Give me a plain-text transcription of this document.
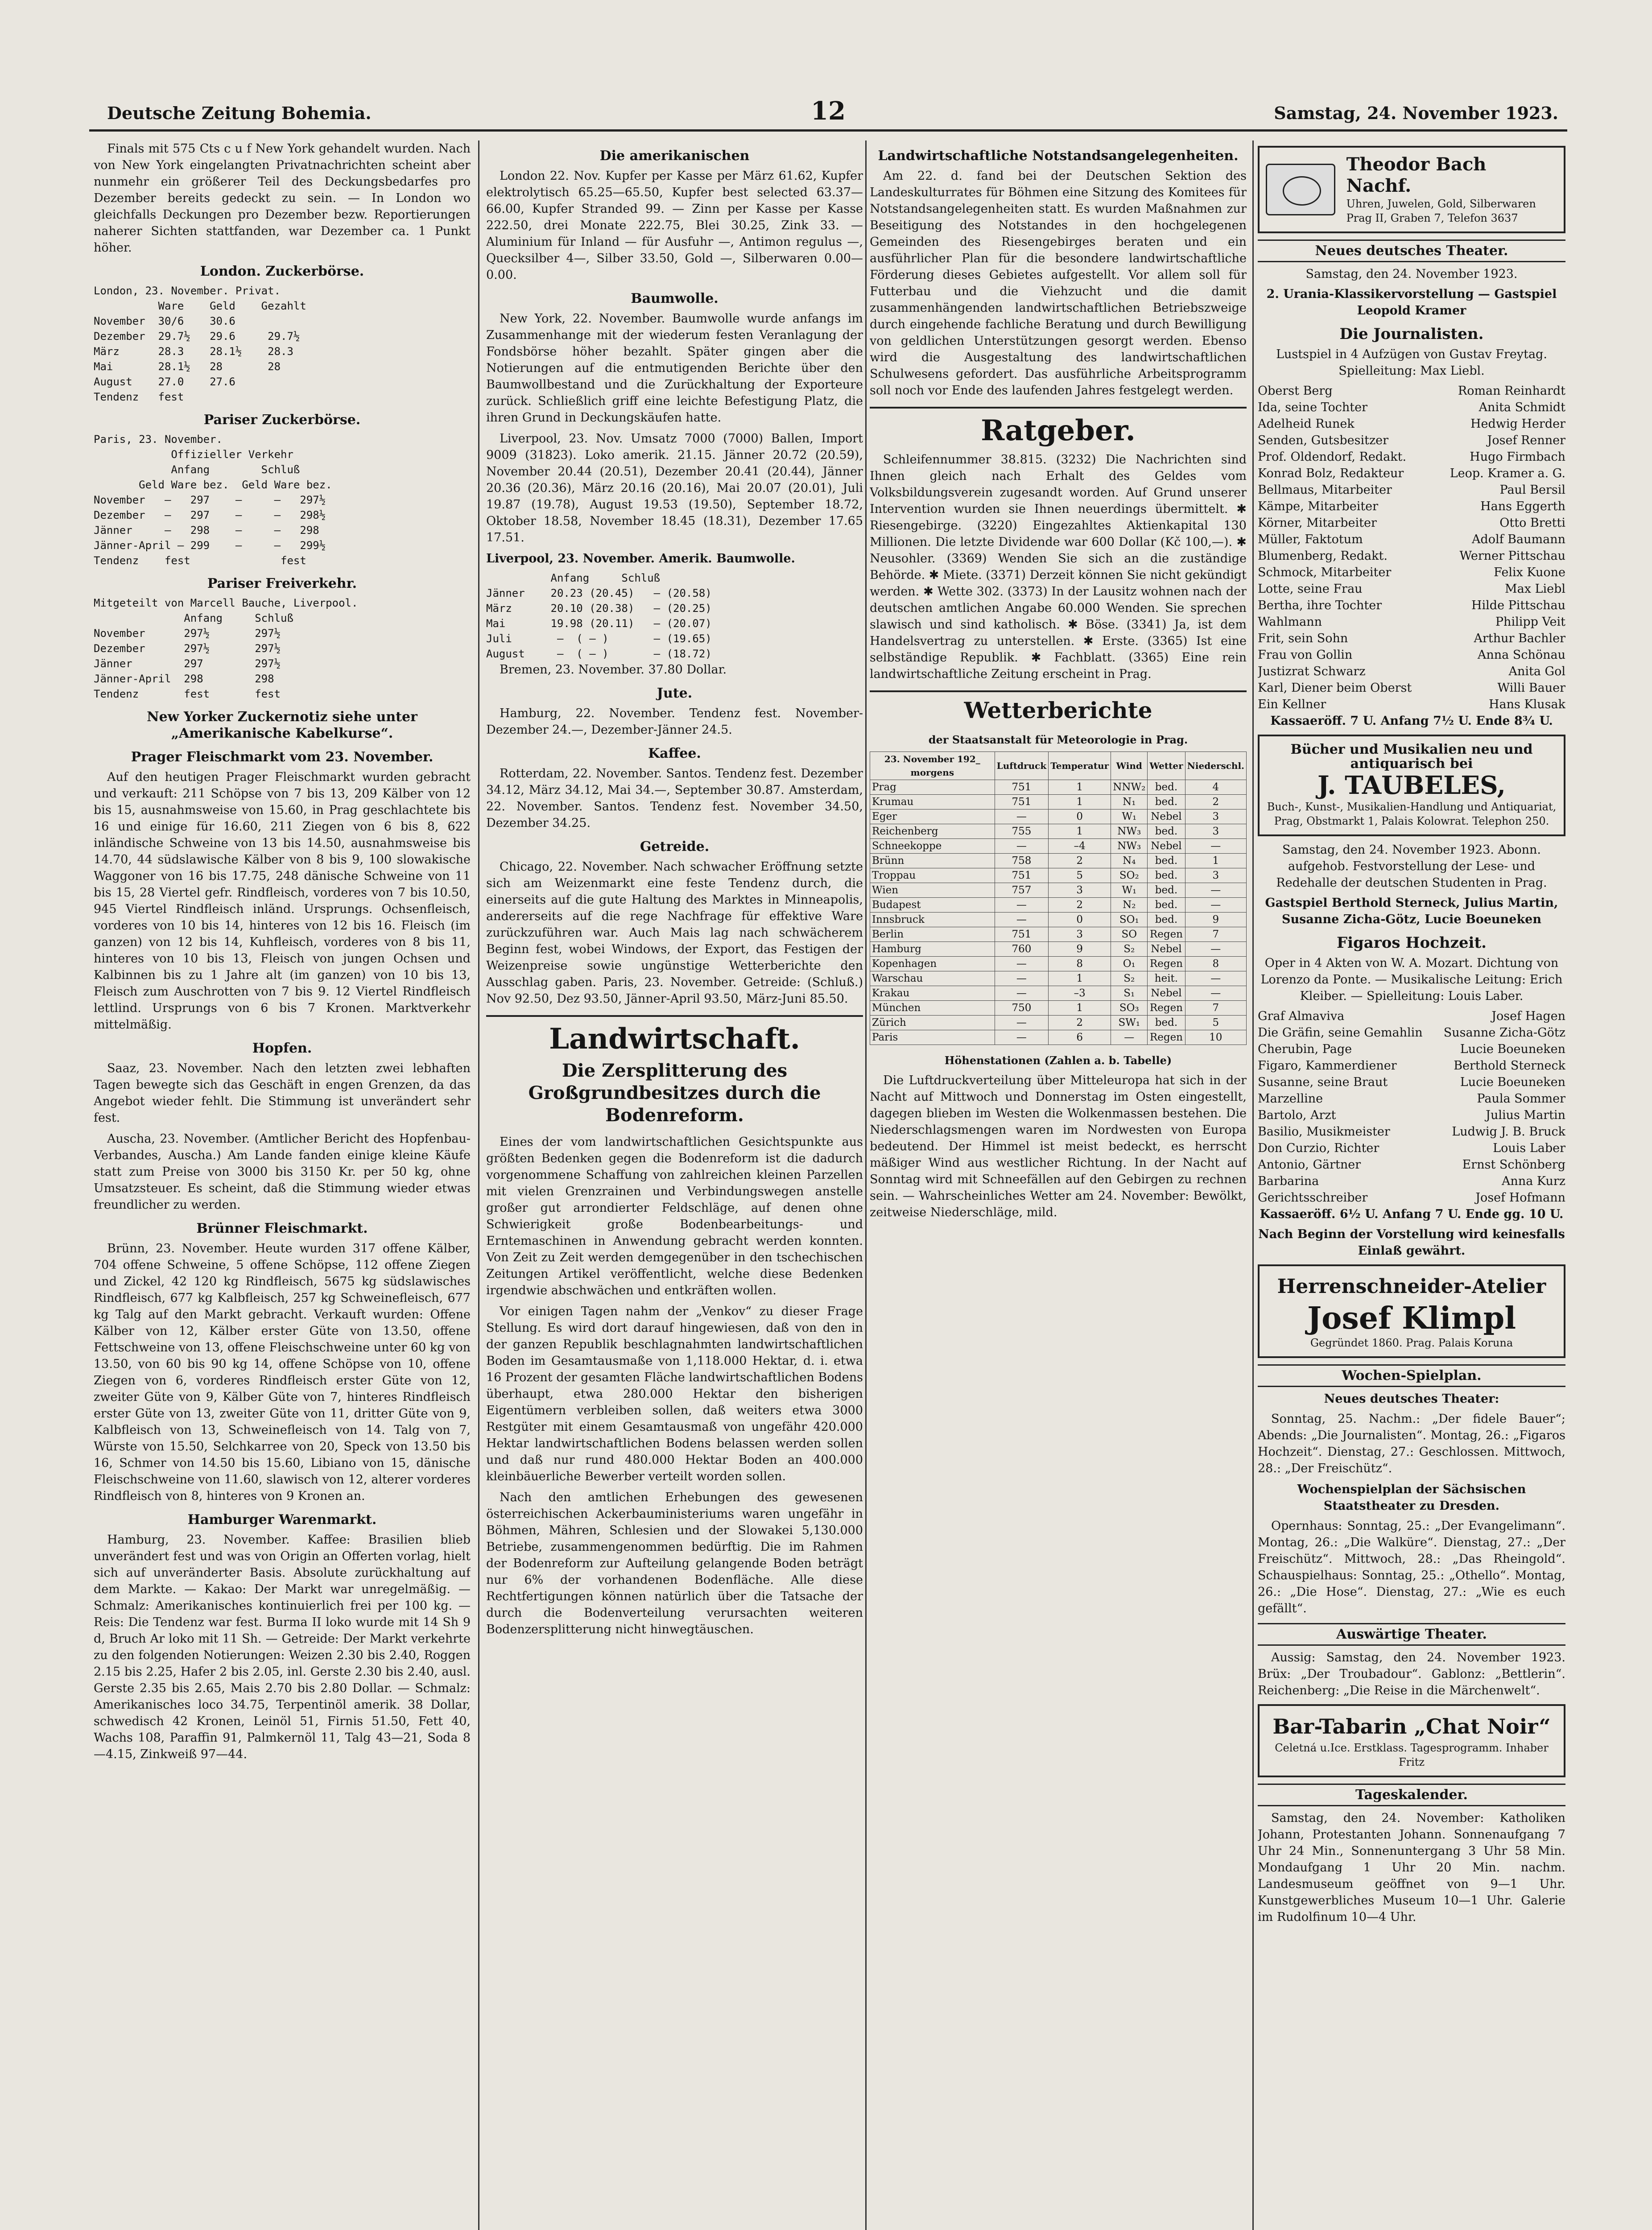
Deutsche Zeitung Bohemia.	12	Samstag, 24. November 1923.

Finals mit 575 Cts c u f New York gehandelt wurden. Nach von New York eingelangten Privatnachrichten scheint aber nunmehr ein größerer Teil des Deckungsbedarfes pro Dezember bereits gedeckt zu sein. — In London wo gleichfalls Deckungen pro Dezember bezw. Reportierungen naherer Sichten stattfanden, war Dezember ca. 1 Punkt höher.

London. Zuckerbörse.
London, 23. November. Privat.
Ware    Geld    Gezahlt
November  30/6    30.6
Dezember  29.7½   29.6     29.7½
März      28.3    28.1½    28.3
Mai       28.1½   28       28
August    27.0    27.6
Tendenz   fest
Pariser Zuckerbörse.
Paris, 23. November.
Offizieller Verkehr
Anfang        Schluß
Geld Ware bez.  Geld Ware bez.
November   —   297    —     —   297½
Dezember   —   297    —     —   298½
Jänner     —   298    —     —   298
Jänner-April — 299    —     —   299½
Tendenz    fest              fest
Pariser Freiverkehr.
Mitgeteilt von Marcell Bauche, Liverpool.
Anfang     Schluß
November      297½       297½
Dezember      297½       297½
Jänner        297        297½
Jänner-April  298        298
Tendenz       fest       fest
New Yorker Zuckernotiz siehe unter „Amerikanische Kabelkurse“.
Prager Fleischmarkt vom 23. November.

Auf den heutigen Prager Fleischmarkt wurden gebracht und verkauft: 211 Schöpse von 7 bis 13, 209 Kälber von 12 bis 15, ausnahmsweise von 15.60, in Prag geschlachtete bis 16 und einige für 16.60, 211 Ziegen von 6 bis 8, 622 inländische Schweine von 13 bis 14.50, ausnahmsweise bis 14.70, 44 südslawische Kälber von 8 bis 9, 100 slowakische Waggoner von 16 bis 17.75, 248 dänische Schweine von 11 bis 15, 28 Viertel gefr. Rindfleisch, vorderes von 7 bis 10.50, 945 Viertel Rindfleisch inländ. Ursprungs. Ochsenfleisch, vorderes von 10 bis 14, hinteres von 12 bis 16. Fleisch (im ganzen) von 12 bis 14, Kuhfleisch, vorderes von 8 bis 11, hinteres von 10 bis 13, Fleisch von jungen Ochsen und Kalbinnen bis zu 1 Jahre alt (im ganzen) von 10 bis 13, Fleisch zum Auschrotten von 7 bis 9. 12 Viertel Rindfleisch lettlind. Ursprungs von 6 bis 7 Kronen. Marktverkehr mittelmäßig.

Hopfen.

Saaz, 23. November. Nach den letzten zwei lebhaften Tagen bewegte sich das Geschäft in engen Grenzen, da das Angebot wieder fehlt. Die Stimmung ist unverändert sehr fest.

Auscha, 23. November. (Amtlicher Bericht des Hopfenbau-Verbandes, Auscha.) Am Lande fanden einige kleine Käufe statt zum Preise von 3000 bis 3150 Kr. per 50 kg, ohne Umsatzsteuer. Es scheint, daß die Stimmung wieder etwas freundlicher zu werden.

Brünner Fleischmarkt.

Brünn, 23. November. Heute wurden 317 offene Kälber, 704 offene Schweine, 5 offene Schöpse, 112 offene Ziegen und Zickel, 42 120 kg Rindfleisch, 5675 kg südslawisches Rindfleisch, 677 kg Kalbfleisch, 257 kg Schweinefleisch, 677 kg Talg auf den Markt gebracht. Verkauft wurden: Offene Kälber von 12, Kälber erster Güte von 13.50, offene Fettschweine von 13, offene Fleischschweine unter 60 kg von 13.50, von 60 bis 90 kg 14, offene Schöpse von 10, offene Ziegen von 6, vorderes Rindfleisch erster Güte von 12, zweiter Güte von 9, Kälber Güte von 7, hinteres Rindfleisch erster Güte von 13, zweiter Güte von 11, dritter Güte von 9, Kalbfleisch von 13, Schweinefleisch von 14. Talg von 7, Würste von 15.50, Selchkarree von 20, Speck von 13.50 bis 16, Schmer von 14.50 bis 15.60, Libiano von 15, dänische Fleischschweine von 11.60, slawisch von 12, alterer vorderes Rindfleisch von 8, hinteres von 9 Kronen an.

Hamburger Warenmarkt.

Hamburg, 23. November. Kaffee: Brasilien blieb unverändert fest und was von Origin an Offerten vorlag, hielt sich auf unveränderter Basis. Absolute zurückhaltung auf dem Markte. — Kakao: Der Markt war unregelmäßig. — Schmalz: Amerikanisches kontinuierlich frei per 100 kg. — Reis: Die Tendenz war fest. Burma II loko wurde mit 14 Sh 9 d, Bruch Ar loko mit 11 Sh. — Getreide: Der Markt verkehrte zu den folgenden Notierungen: Weizen 2.30 bis 2.40, Roggen 2.15 bis 2.25, Hafer 2 bis 2.05, inl. Gerste 2.30 bis 2.40, ausl. Gerste 2.35 bis 2.65, Mais 2.70 bis 2.80 Dollar. — Schmalz: Amerikanisches loco 34.75, Terpentinöl amerik. 38 Dollar, schwedisch 42 Kronen, Leinöl 51, Firnis 51.50, Fett 40, Wachs 108, Paraffin 91, Palmkernöl 11, Talg 43—21, Soda 8—4.15, Zinkweiß 97—44.

Die amerikanischen

London 22. Nov. Kupfer per Kasse per März 61.62, Kupfer elektrolytisch 65.25—65.50, Kupfer best selected 63.37—66.00, Kupfer Stranded 99. — Zinn per Kasse per Kasse 222.50, drei Monate 222.75, Blei 30.25, Zink 33. — Aluminium für Inland — für Ausfuhr —, Antimon regulus —, Quecksilber 4—, Silber 33.50, Gold —, Silberwaren 0.00—0.00.

Baumwolle.

New York, 22. November. Baumwolle wurde anfangs im Zusammenhange mit der wiederum festen Veranlagung der Fondsbörse höher bezahlt. Später gingen aber die Notierungen auf die entmutigenden Berichte über den Baumwollbestand und die Zurückhaltung der Exporteure zurück. Schließlich griff eine leichte Befestigung Platz, die ihren Grund in Deckungskäufen hatte.

Liverpool, 23. Nov. Umsatz 7000 (7000) Ballen, Import 9009 (31823). Loko amerik. 21.15. Jänner 20.72 (20.59), November 20.44 (20.51), Dezember 20.41 (20.44), Jänner 20.36 (20.36), März 20.16 (20.16), Mai 20.07 (20.01), Juli 19.87 (19.78), August 19.53 (19.50), September 18.72, Oktober 18.58, November 18.45 (18.31), Dezember 17.65 17.51.

Liverpool, 23. November. Amerik. Baumwolle.
Anfang     Schluß
Jänner    20.23 (20.45)   — (20.58)
März      20.10 (20.38)   — (20.25)
Mai       19.98 (20.11)   — (20.07)
Juli       —  ( — )       — (19.65)
August     —  ( — )       — (18.72)

Bremen, 23. November. 37.80 Dollar.

Jute.

Hamburg, 22. November. Tendenz fest. November-Dezember 24.—, Dezember-Jänner 24.5.

Kaffee.

Rotterdam, 22. November. Santos. Tendenz fest. Dezember 34.12, März 34.12, Mai 34.—, September 30.87. Amsterdam, 22. November. Santos. Tendenz fest. November 34.50, Dezember 34.25.

Getreide.

Chicago, 22. November. Nach schwacher Eröffnung setzte sich am Weizenmarkt eine feste Tendenz durch, die einerseits auf die gute Haltung des Marktes in Minneapolis, andererseits auf die rege Nachfrage für effektive Ware zurückzuführen war. Auch Mais lag nach schwächerem Beginn fest, wobei Windows, der Export, das Festigen der Weizenpreise sowie ungünstige Wetterberichte den Ausschlag gaben. Paris, 23. November. Getreide: (Schluß.) Nov 92.50, Dez 93.50, Jänner-April 93.50, März-Juni 85.50.

Landwirtschaft.
Die Zersplitterung des Großgrundbesitzes durch die Bodenreform.

Eines der vom landwirtschaftlichen Gesichtspunkte aus größten Bedenken gegen die Bodenreform ist die dadurch vorgenommene Schaffung von zahlreichen kleinen Parzellen mit vielen Grenzrainen und Verbindungswegen anstelle großer gut arrondierter Feldschläge, auf denen ohne Schwierigkeit große Bodenbearbeitungs- und Erntemaschinen in Anwendung gebracht werden konnten. Von Zeit zu Zeit werden demgegenüber in den tschechischen Zeitungen Artikel veröffentlicht, welche diese Bedenken irgendwie abschwächen und entkräften wollen.

Vor einigen Tagen nahm der „Venkov“ zu dieser Frage Stellung. Es wird dort darauf hingewiesen, daß von den in der ganzen Republik beschlagnahmten landwirtschaftlichen Boden im Gesamtausmaße von 1,118.000 Hektar, d. i. etwa 16 Prozent der gesamten Fläche landwirtschaftlichen Bodens überhaupt, etwa 280.000 Hektar den bisherigen Eigentümern verbleiben sollen, daß weiters etwa 3000 Restgüter mit einem Gesamtausmaß von ungefähr 420.000 Hektar landwirtschaftlichen Bodens belassen werden sollen und daß nur rund 480.000 Hektar Boden an 400.000 kleinbäuerliche Bewerber verteilt worden sollen.

Nach den amtlichen Erhebungen des gewesenen österreichischen Ackerbauministeriums waren ungefähr in Böhmen, Mähren, Schlesien und der Slowakei 5,130.000 Betriebe, zusammengenommen bedürftig. Die im Rahmen der Bodenreform zur Aufteilung gelangende Boden beträgt nur 6% der vorhandenen Bodenfläche. Alle diese Rechtfertigungen können natürlich über die Tatsache der durch die Bodenverteilung verursachten weiteren Bodenzersplitterung nicht hinwegtäuschen.

Landwirtschaftliche Notstandsangelegenheiten.

Am 22. d. fand bei der Deutschen Sektion des Landeskulturrates für Böhmen eine Sitzung des Komitees für Notstandsangelegenheiten statt. Es wurden Maßnahmen zur Beseitigung des Notstandes in den hochgelegenen Gemeinden des Riesengebirges beraten und ein ausführlicher Plan für die besondere landwirtschaftliche Förderung dieses Gebietes aufgestellt. Vor allem soll für Futterbau und die Viehzucht und die damit zusammenhängenden landwirtschaftlichen Betriebszweige durch eingehende fachliche Beratung und durch Bewilligung von geldlichen Unterstützungen gesorgt werden. Ebenso wird die Ausgestaltung des landwirtschaftlichen Schulwesens gefordert. Das ausführliche Arbeitsprogramm soll noch vor Ende des laufenden Jahres festgelegt werden.

Ratgeber.

Schleifennummer 38.815. (3232) Die Nachrichten sind Ihnen gleich nach Erhalt des Geldes vom Volksbildungsverein zugesandt worden. Auf Grund unserer Intervention wurden sie Ihnen neuerdings übermittelt. ✱ Riesengebirge. (3220) Eingezahltes Aktienkapital 130 Millionen. Die letzte Dividende war 600 Dollar (Kč 100,—). ✱ Neusohler. (3369) Wenden Sie sich an die zuständige Behörde. ✱ Miete. (3371) Derzeit können Sie nicht gekündigt werden. ✱ Wette 302. (3373) In der Lausitz wohnen nach der deutschen amtlichen Angabe 60.000 Wenden. Sie sprechen slawisch und sind katholisch. ✱ Böse. (3341) Ja, ist dem Handelsvertrag zu unterstellen. ✱ Erste. (3365) Ist eine selbständige Republik. ✱ Fachblatt. (3365) Eine rein landwirtschaftliche Zeitung erscheint in Prag.

Wetterberichte
der Staatsanstalt für Meteorologie in Prag.
23. November 192_ morgens	Luftdruck	Temperatur	Wind	Wetter	Niederschl.
Prag	751	1	NNW₂	bed.	4
Krumau	751	1	N₁	bed.	2
Eger	—	0	W₁	Nebel	3
Reichenberg	755	1	NW₃	bed.	3
Schneekoppe	—	–4	NW₃	Nebel	—
Brünn	758	2	N₄	bed.	1
Troppau	751	5	SO₂	bed.	3
Wien	757	3	W₁	bed.	—
Budapest	—	2	N₂	bed.	—
Innsbruck	—	0	SO₁	bed.	9
Berlin	751	3	SO	Regen	7
Hamburg	760	9	S₂	Nebel	—
Kopenhagen	—	8	O₁	Regen	8
Warschau	—	1	S₂	heit.	—
Krakau	—	–3	S₁	Nebel	—
München	750	1	SO₃	Regen	7
Zürich	—	2	SW₁	bed.	5
Paris	—	6	—	Regen	10
Höhenstationen (Zahlen a. b. Tabelle)

Die Luftdruckverteilung über Mitteleuropa hat sich in der Nacht auf Mittwoch und Donnerstag im Osten eingestellt, dagegen blieben im Westen die Wolkenmassen bestehen. Die Niederschlagsmengen waren im Nordwesten von Europa bedeutend. Der Himmel ist meist bedeckt, es herrscht mäßiger Wind aus westlicher Richtung. In der Nacht auf Sonntag wird mit Schneefällen auf den Gebirgen zu rechnen sein. — Wahrscheinliches Wetter am 24. November: Bewölkt, zeitweise Niederschläge, mild.

Theodor Bach Nachf.
Uhren, Juwelen, Gold, Silberwaren
Prag II, Graben 7, Telefon 3637
Neues deutsches Theater.
Samstag, den 24. November 1923.
2. Urania-Klassikervorstellung — Gastspiel Leopold Kramer
Die Journalisten.
Lustspiel in 4 Aufzügen von Gustav Freytag. Spielleitung: Max Liebl.
Oberst Berg	Roman Reinhardt
Ida, seine Tochter	Anita Schmidt
Adelheid Runek	Hedwig Herder
Senden, Gutsbesitzer	Josef Renner
Prof. Oldendorf, Redakt.	Hugo Firmbach
Konrad Bolz, Redakteur	Leop. Kramer a. G.
Bellmaus, Mitarbeiter	Paul Bersil
Kämpe, Mitarbeiter	Hans Eggerth
Körner, Mitarbeiter	Otto Bretti
Müller, Faktotum	Adolf Baumann
Blumenberg, Redakt.	Werner Pittschau
Schmock, Mitarbeiter	Felix Kuone
Lotte, seine Frau	Max Liebl
Bertha, ihre Tochter	Hilde Pittschau
Wahlmann	Philipp Veit
Frit, sein Sohn	Arthur Bachler
Frau von Gollin	Anna Schönau
Justizrat Schwarz	Anita Gol
Karl, Diener beim Oberst	Willi Bauer
Ein Kellner	Hans Klusak
Kassaeröff. 7 U. Anfang 7½ U. Ende 8¾ U.
Bücher und Musikalien neu und antiquarisch bei
J. TAUBELES,
Buch-, Kunst-, Musikalien-Handlung und Antiquariat, Prag, Obstmarkt 1, Palais Kolowrat. Telephon 250.
Samstag, den 24. November 1923. Abonn. aufgehob. Festvorstellung der Lese- und Redehalle der deutschen Studenten in Prag.
Gastspiel Berthold Sterneck, Julius Martin, Susanne Zicha-Götz, Lucie Boeuneken
Figaros Hochzeit.
Oper in 4 Akten von W. A. Mozart. Dichtung von Lorenzo da Ponte. — Musikalische Leitung: Erich Kleiber. — Spielleitung: Louis Laber.
Graf Almaviva	Josef Hagen
Die Gräfin, seine Gemahlin Susanne Zicha-Götz
Cherubin, Page	Lucie Boeuneken
Figaro, Kammerdiener	Berthold Sterneck
Susanne, seine Braut	Lucie Boeuneken
Marzelline	Paula Sommer
Bartolo, Arzt	Julius Martin
Basilio, Musikmeister	Ludwig J. B. Bruck
Don Curzio, Richter	Louis Laber
Antonio, Gärtner	Ernst Schönberg
Barbarina	Anna Kurz
Gerichtsschreiber	Josef Hofmann
Kassaeröff. 6½ U. Anfang 7 U. Ende gg. 10 U.
Nach Beginn der Vorstellung wird keinesfalls Einlaß gewährt.
Herrenschneider-Atelier
Josef Klimpl
Gegründet 1860. Prag. Palais Koruna
Wochen-Spielplan.
Neues deutsches Theater:

Sonntag, 25. Nachm.: „Der fidele Bauer“; Abends: „Die Journalisten“. Montag, 26.: „Figaros Hochzeit“. Dienstag, 27.: Geschlossen. Mittwoch, 28.: „Der Freischütz“.

Wochenspielplan der Sächsischen Staatstheater zu Dresden.

Opernhaus: Sonntag, 25.: „Der Evangelimann“. Montag, 26.: „Die Walküre“. Dienstag, 27.: „Der Freischütz“. Mittwoch, 28.: „Das Rheingold“. Schauspielhaus: Sonntag, 25.: „Othello“. Montag, 26.: „Die Hose“. Dienstag, 27.: „Wie es euch gefällt“.

Auswärtige Theater.

Aussig: Samstag, den 24. November 1923. Brüx: „Der Troubadour“. Gablonz: „Bettlerin“. Reichenberg: „Die Reise in die Märchenwelt“.

Bar-Tabarin „Chat Noir“
Celetná u.Ice. Erstklass. Tagesprogramm. Inhaber Fritz
Tageskalender.

Samstag, den 24. November: Katholiken Johann, Protestanten Johann. Sonnenaufgang 7 Uhr 24 Min., Sonnenuntergang 3 Uhr 58 Min. Mondaufgang 1 Uhr 20 Min. nachm. Landesmuseum geöffnet von 9—1 Uhr. Kunstgewerbliches Museum 10—1 Uhr. Galerie im Rudolfinum 10—4 Uhr.
